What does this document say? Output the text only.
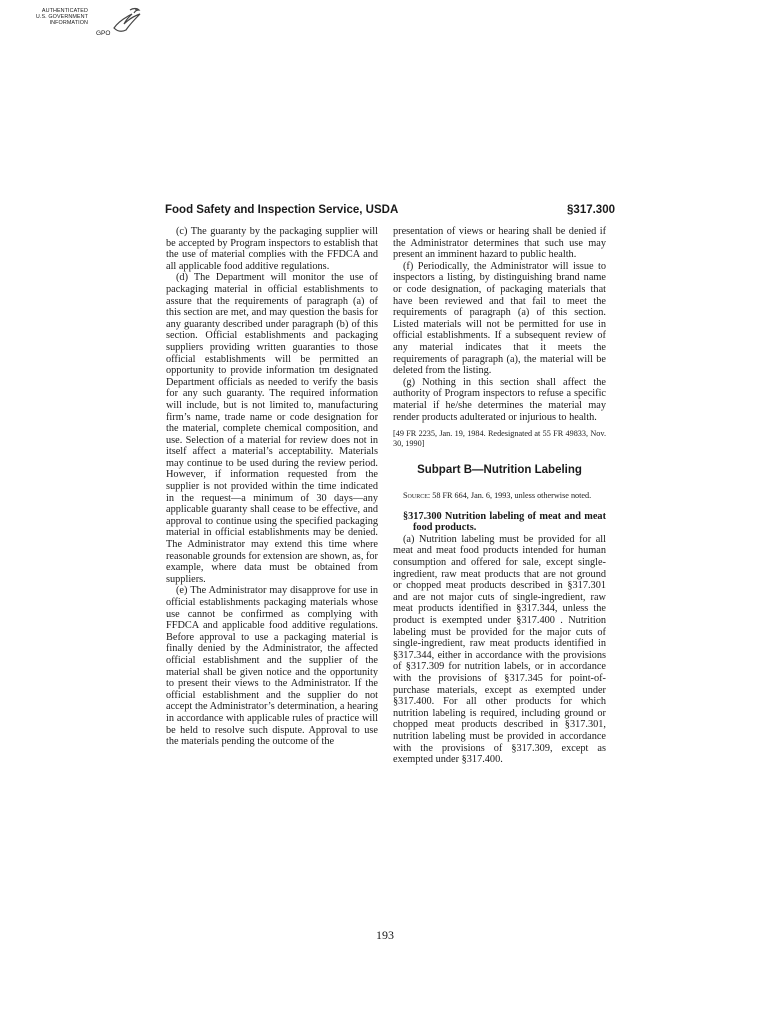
AUTHENTICATED
U.S. GOVERNMENT
INFORMATION
GPO
Food Safety and Inspection Service, USDA	§317.300

(c) The guaranty by the packaging supplier will be accepted by Program inspectors to establish that the use of material complies with the FFDCA and all applicable food additive regulations.

(d) The Department will monitor the use of packaging material in official establishments to assure that the requirements of paragraph (a) of this section are met, and may question the basis for any guaranty described under paragraph (b) of this section. Official establishments and packaging suppliers providing written guaranties to those official establishments will be permitted an opportunity to provide information tm designated Department officials as needed to verify the basis for any such guaranty. The required information will include, but is not limited to, manufacturing firm’s name, trade name or code designation for the material, complete chemical composition, and use. Selection of a material for review does not in itself affect a material’s acceptability. Materials may continue to be used during the review period. However, if information requested from the supplier is not provided within the time indicated in the request—a minimum of 30 days—any applicable guaranty shall cease to be effective, and approval to continue using the specified packaging material in official establishments may be denied. The Administrator may extend this time where reasonable grounds for extension are shown, as, for example, where data must be obtained from suppliers.

(e) The Administrator may disapprove for use in official establishments packaging materials whose use cannot be confirmed as complying with FFDCA and applicable food additive regulations. Before approval to use a packaging material is finally denied by the Administrator, the affected official establishment and the supplier of the material shall be given notice and the opportunity to present their views to the Administrator. If the official establishment and the supplier do not accept the Administrator’s determination, a hearing in accordance with applicable rules of practice will be held to resolve such dispute. Approval to use the materials pending the outcome of the

presentation of views or hearing shall be denied if the Administrator determines that such use may present an imminent hazard to public health.

(f) Periodically, the Administrator will issue to inspectors a listing, by distinguishing brand name or code designation, of packaging materials that have been reviewed and that fail to meet the requirements of paragraph (a) of this section. Listed materials will not be permitted for use in official establishments. If a subsequent review of any material indicates that it meets the requirements of paragraph (a), the material will be deleted from the listing.

(g) Nothing in this section shall affect the authority of Program inspectors to refuse a specific material if he/she determines the material may render products adulterated or injurious to health.

[49 FR 2235, Jan. 19, 1984. Redesignated at 55 FR 49833, Nov. 30, 1990]

Subpart B—Nutrition Labeling

Source: 58 FR 664, Jan. 6, 1993, unless otherwise noted.

§317.300 Nutrition labeling of meat and meat food products.

(a) Nutrition labeling must be provided for all meat and meat food products intended for human consumption and offered for sale, except single-ingredient, raw meat products that are not ground or chopped meat products described in §317.301 and are not major cuts of single-ingredient, raw meat products identified in §317.344, unless the product is exempted under §317.400 . Nutrition labeling must be provided for the major cuts of single-ingredient, raw meat products identified in §317.344, either in accordance with the provisions of §317.309 for nutrition labels, or in accordance with the provisions of §317.345 for point-of-purchase materials, except as exempted under §317.400. For all other products for which nutrition labeling is required, including ground or chopped meat products described in §317.301, nutrition labeling must be provided in accordance with the provisions of §317.309, except as exempted under §317.400.

193
